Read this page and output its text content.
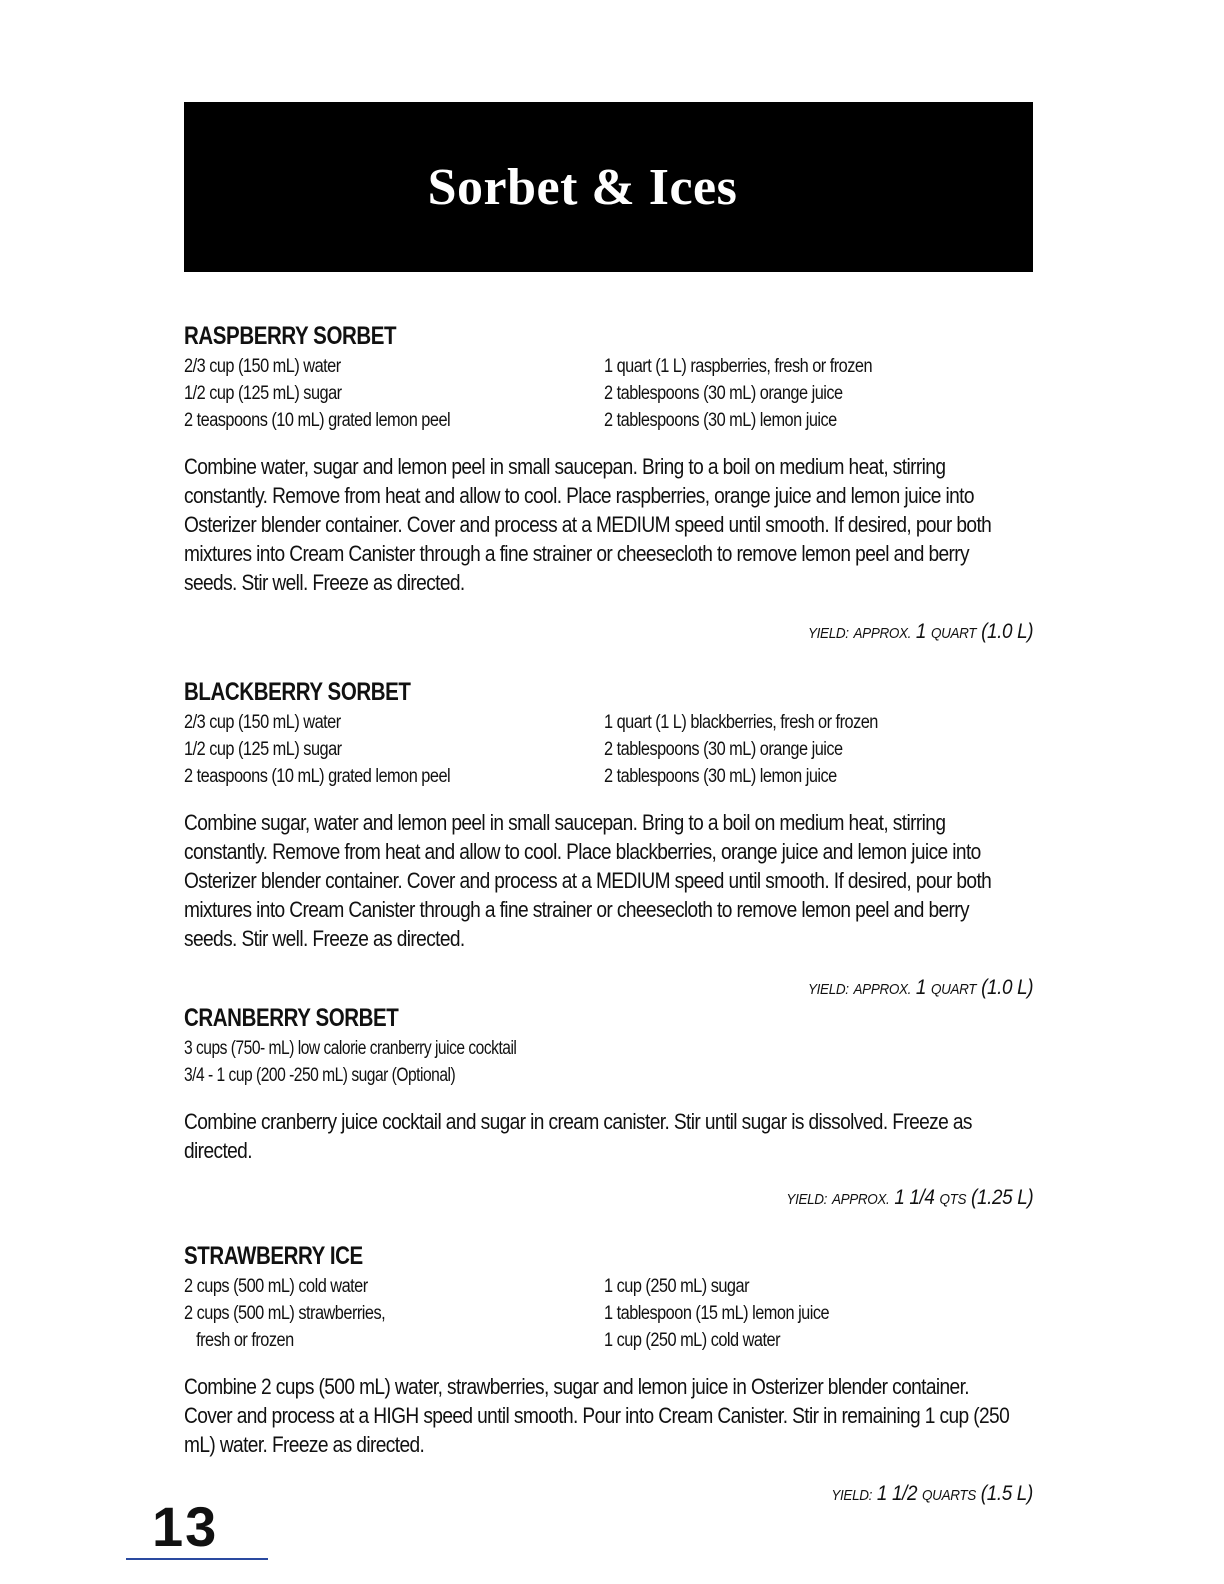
Sorbet & Ices
RASPBERRY SORBET
2/3 cup (150 mL) water	1 quart (1 L) raspberries, fresh or frozen
1/2 cup (125 mL) sugar	2 tablespoons (30 mL) orange juice
2 teaspoons (10 mL) grated lemon peel	2 tablespoons (30 mL) lemon juice

Combine water, sugar and lemon peel in small saucepan. Bring to a boil on medium heat, stirring constantly. Remove from heat and allow to cool. Place raspberries, orange juice and lemon juice into Osterizer blender container. Cover and process at a MEDIUM speed until smooth. If desired, pour both mixtures into Cream Canister through a fine strainer or cheesecloth to remove lemon peel and berry seeds. Stir well. Freeze as directed.

YIELD: APPROX. 1 QUART (1.0 L)
BLACKBERRY SORBET
2/3 cup (150 mL) water	1 quart (1 L) blackberries, fresh or frozen
1/2 cup (125 mL) sugar	2 tablespoons (30 mL) orange juice
2 teaspoons (10 mL) grated lemon peel	2 tablespoons (30 mL) lemon juice

Combine sugar, water and lemon peel in small saucepan. Bring to a boil on medium heat, stirring constantly. Remove from heat and allow to cool. Place blackberries, orange juice and lemon juice into Osterizer blender container. Cover and process at a MEDIUM speed until smooth. If desired, pour both mixtures into Cream Canister through a fine strainer or cheesecloth to remove lemon peel and berry seeds. Stir well. Freeze as directed.

YIELD: APPROX. 1 QUART (1.0 L)
CRANBERRY SORBET
3 cups (750- mL) low calorie cranberry juice cocktail
3/4 - 1 cup (200 -250 mL) sugar (Optional)

Combine cranberry juice cocktail and sugar in cream canister. Stir until sugar is dissolved. Freeze as directed.

YIELD: APPROX. 1 1/4 QTS (1.25 L)
STRAWBERRY ICE
2 cups (500 mL) cold water	1 cup (250 mL) sugar
2 cups (500 mL) strawberries,	1 tablespoon (15 mL) lemon juice
fresh or frozen	1 cup (250 mL) cold water

Combine 2 cups (500 mL) water, strawberries, sugar and lemon juice in Osterizer blender container. Cover and process at a HIGH speed until smooth. Pour into Cream Canister. Stir in remaining 1 cup (250 mL) water. Freeze as directed.

YIELD: 1 1/2 QUARTS (1.5 L)
13
